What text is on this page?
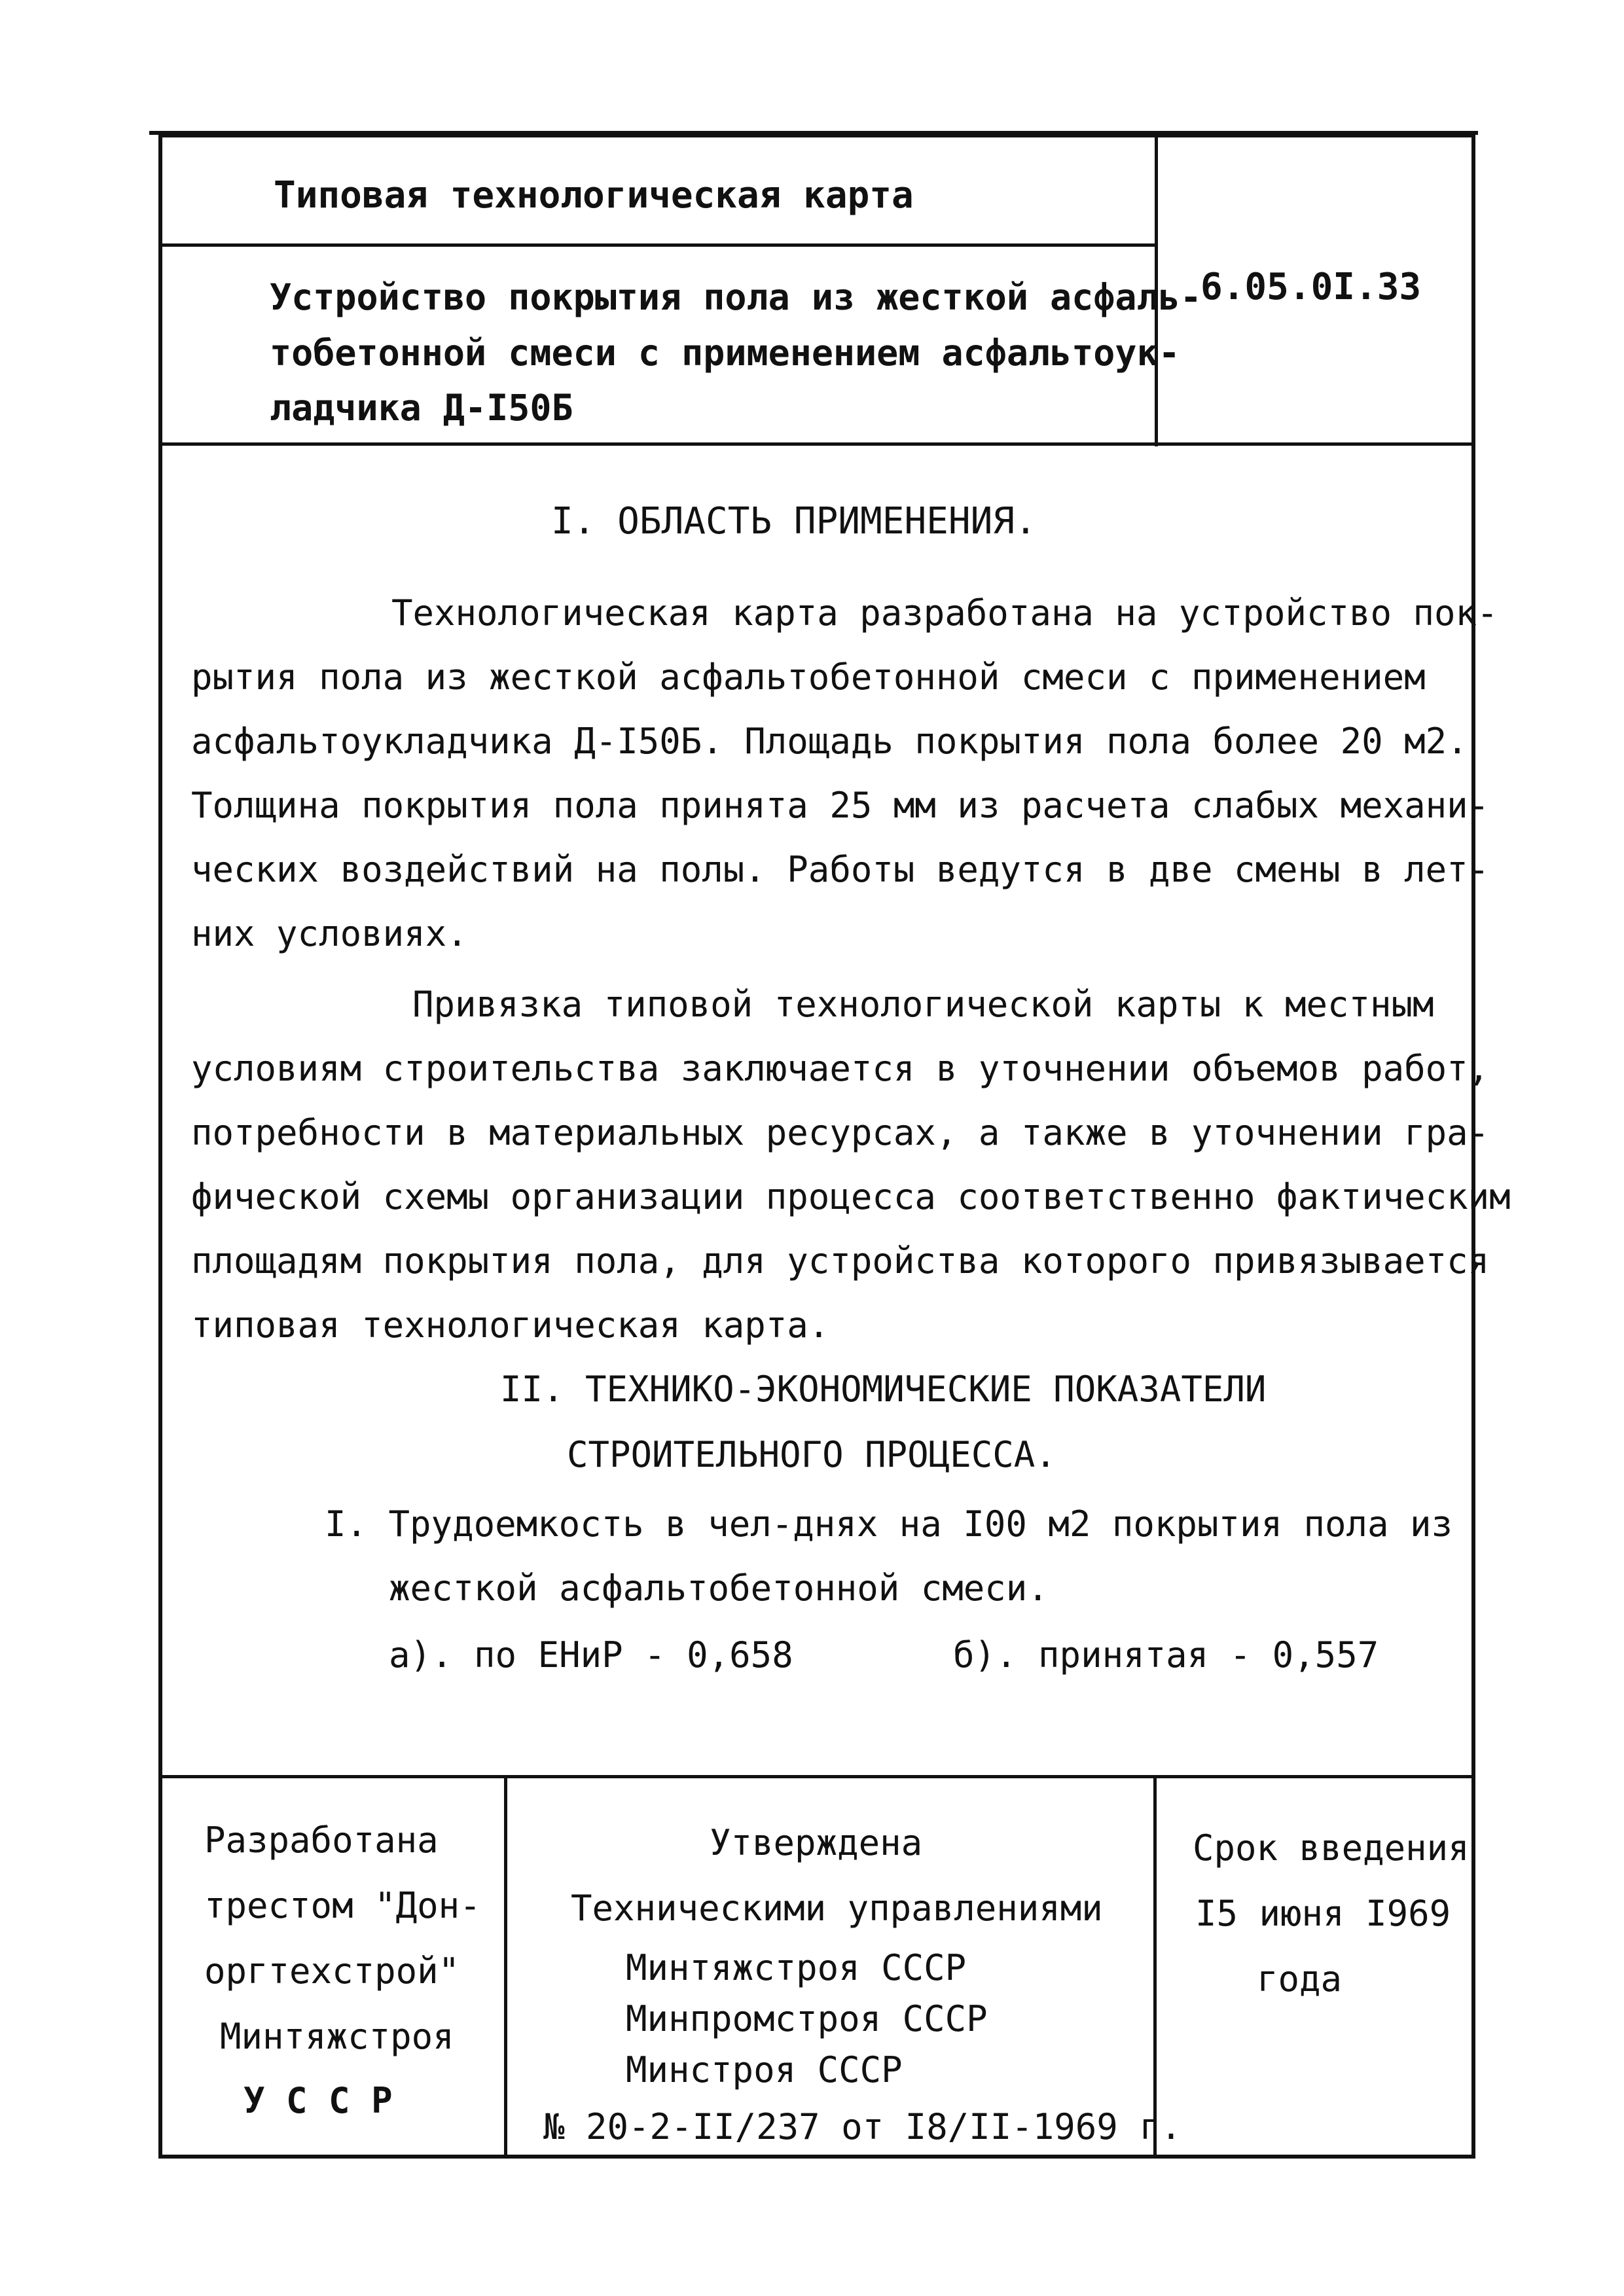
Типовая технологическая карта
Устройство покрытия пола из жесткой асфаль-
тобетонной смеси с применением асфальтоук-
ладчика Д-I50Б
6.05.0I.33
I. ОБЛАСТЬ ПРИМЕНЕНИЯ.
Технологическая карта разработана на устройство пок-
рытия пола из жесткой асфальтобетонной смеси с применением
асфальтоукладчика Д-I50Б. Площадь покрытия пола более 20 м2.
Толщина покрытия пола принята 25 мм из расчета слабых механи-
ческих воздействий на полы. Работы ведутся в две смены в лет-
них условиях.
Привязка типовой технологической карты к местным
условиям строительства заключается в уточнении объемов работ,
потребности в материальных ресурсах, а также в уточнении гра-
фической схемы организации процесса соответственно фактическим
площадям покрытия пола, для устройства которого привязывается
типовая технологическая карта.
II. ТЕХНИКО-ЭКОНОМИЧЕСКИЕ ПОКАЗАТЕЛИ
СТРОИТЕЛЬНОГО ПРОЦЕССА.
I. Трудоемкость в чел-днях на I00 м2 покрытия пола из
жесткой асфальтобетонной смеси.
а). по ЕНиР - 0,658	б). принятая - 0,557
Разработана
трестом "Дон-
оргтехстрой"
Минтяжстроя
У С С Р
Утверждена
Техническими управлениями
Минтяжстроя СССР
Минпромстроя СССР
Минстроя СССР
№ 20-2-II/237 от I8/II-1969 г.
Срок введения
I5 июня I969
года
